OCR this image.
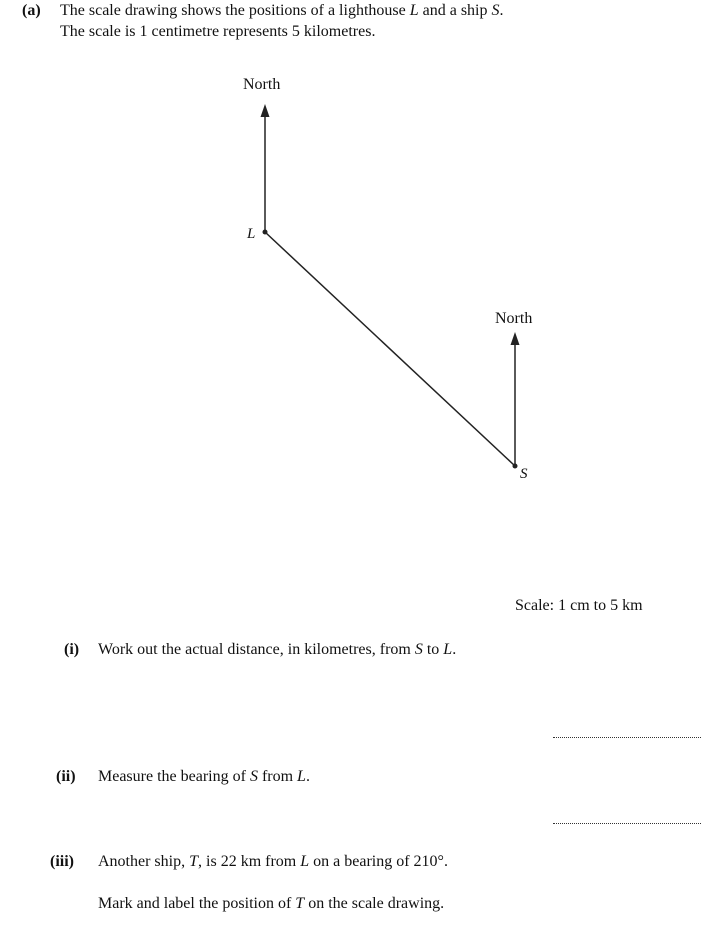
(a) The scale drawing shows the positions of a lighthouse L and a ship S.
The scale is 1 centimetre represents 5 kilometres.
North
L
North
S
Scale: 1 cm to 5 km
(i) Work out the actual distance, in kilometres, from S to L.
(ii) Measure the bearing of S from L.
(iii) Another ship, T, is 22 km from L on a bearing of 210°.
Mark and label the position of T on the scale drawing.
